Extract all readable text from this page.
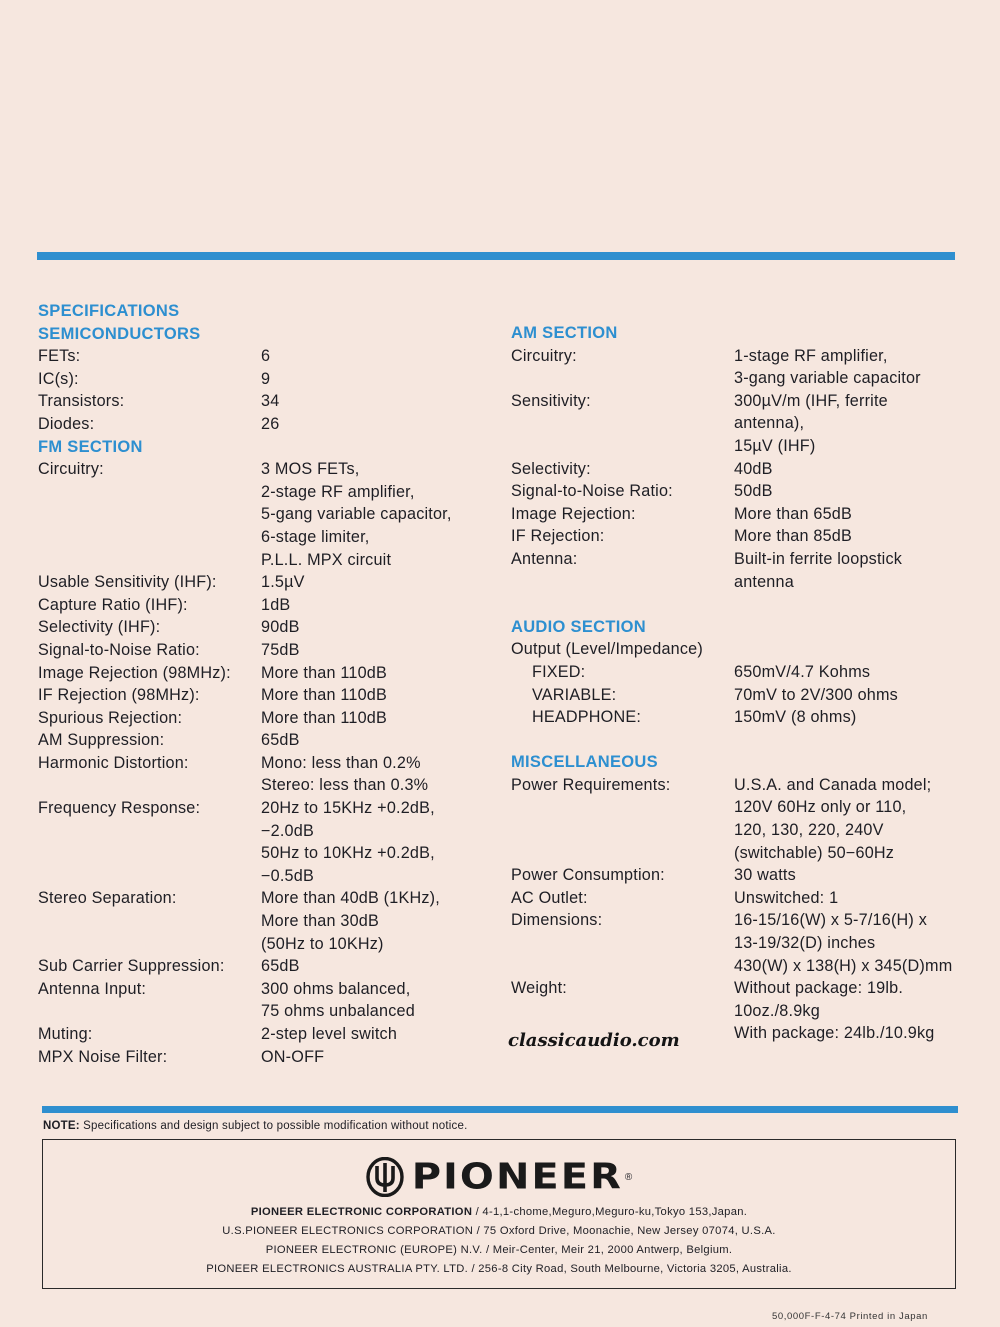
SPECIFICATIONS
SEMICONDUCTORS
FETs:	6
IC(s):	9
Transistors:	34
Diodes:	26
FM SECTION
Circuitry:	3 MOS FETs,
2-stage RF amplifier,
5-gang variable capacitor,
6-stage limiter,
P.L.L. MPX circuit
Usable Sensitivity (IHF):	1.5µV
Capture Ratio (IHF):	1dB
Selectivity (IHF):	90dB
Signal-to-Noise Ratio:	75dB
Image Rejection (98MHz):	More than 110dB
IF Rejection (98MHz):	More than 110dB
Spurious Rejection:	More than 110dB
AM Suppression:	65dB
Harmonic Distortion:	Mono: less than 0.2%
Stereo: less than 0.3%
Frequency Response:	20Hz to 15KHz +0.2dB,
−2.0dB
50Hz to 10KHz +0.2dB,
−0.5dB
Stereo Separation:	More than 40dB (1KHz),
More than 30dB
(50Hz to 10KHz)
Sub Carrier Suppression:	65dB
Antenna Input:	300 ohms balanced,
75 ohms unbalanced
Muting:	2-step level switch
MPX Noise Filter:	ON-OFF
AM SECTION
Circuitry:	1-stage RF amplifier,
3-gang variable capacitor
Sensitivity:	300µV/m (IHF, ferrite
antenna),
15µV (IHF)
Selectivity:	40dB
Signal-to-Noise Ratio:	50dB
Image Rejection:	More than 65dB
IF Rejection:	More than 85dB
Antenna:	Built-in ferrite loopstick
antenna
AUDIO SECTION
Output (Level/Impedance)
FIXED:	650mV/4.7 Kohms
VARIABLE:	70mV to 2V/300 ohms
HEADPHONE:	150mV (8 ohms)
MISCELLANEOUS
Power Requirements:	U.S.A. and Canada model;
120V 60Hz only or 110,
120, 130, 220, 240V
(switchable) 50−60Hz
Power Consumption:	30 watts
AC Outlet:	Unswitched: 1
Dimensions:	16-15/16(W) x 5-7/16(H) x
13-19/32(D) inches
430(W) x 138(H) x 345(D)mm
Weight:	Without package: 19lb.
10oz./8.9kg
With package: 24lb./10.9kg
classicaudio.com
NOTE: Specifications and design subject to possible modification without notice.
PIONEER ®
PIONEER ELECTRONIC CORPORATION / 4-1,1-chome,Meguro,Meguro-ku,Tokyo 153,Japan.
U.S.PIONEER ELECTRONICS CORPORATION / 75 Oxford Drive, Moonachie, New Jersey 07074, U.S.A.
PIONEER ELECTRONIC (EUROPE) N.V. / Meir-Center, Meir 21, 2000 Antwerp, Belgium.
PIONEER ELECTRONICS AUSTRALIA PTY. LTD. / 256-8 City Road, South Melbourne, Victoria 3205, Australia.
50,000F-F-4-74 Printed in Japan
